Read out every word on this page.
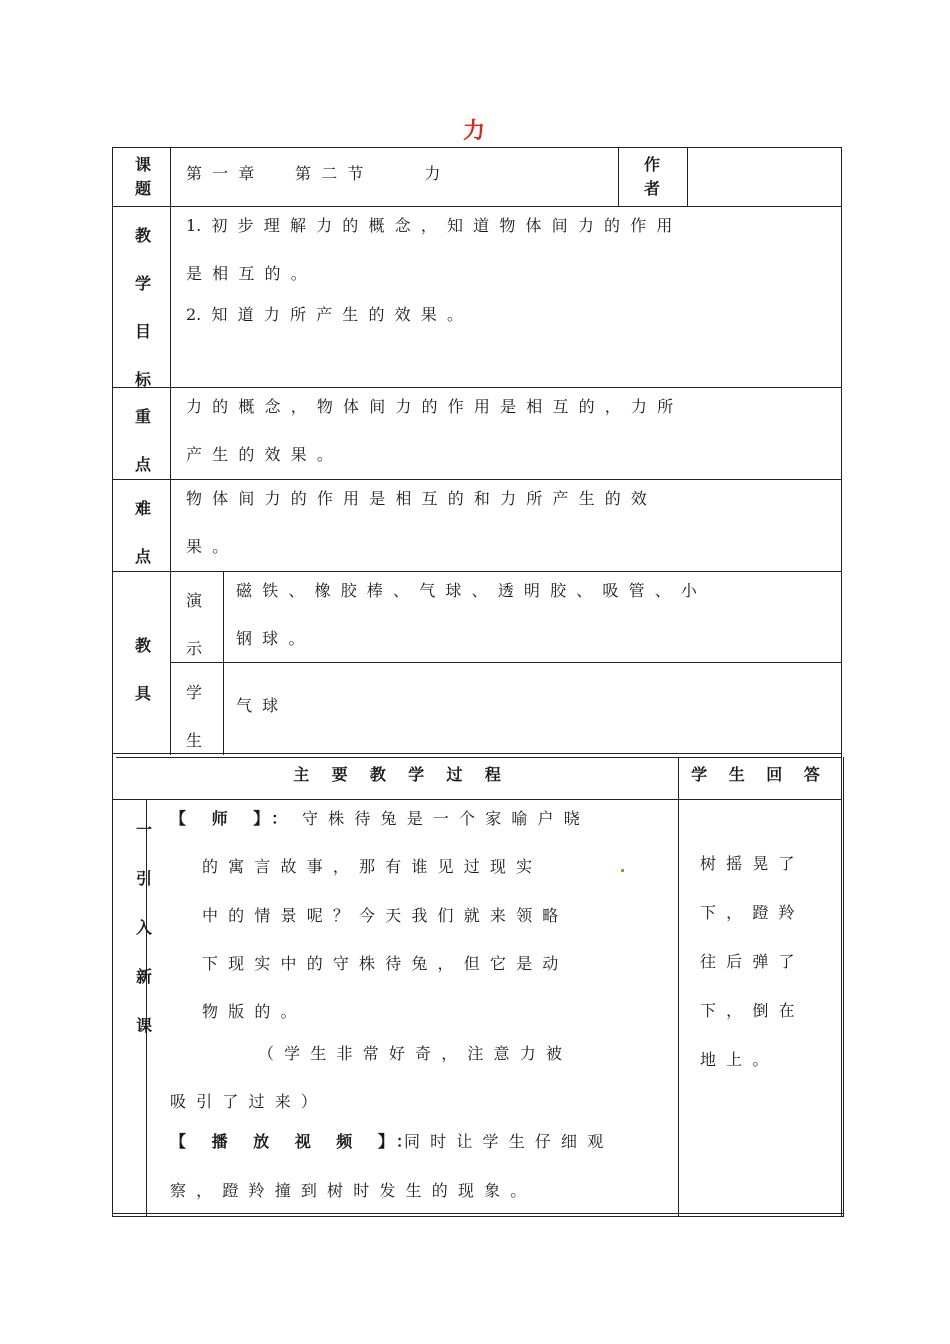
力
课
题
第  一  章        第  二  节            力	作
者
教
学
目
标
1.  初  步  理  解  力  的  概  念  ，  知  道  物  体  间  力  的  作  用
是  相  互  的  。
2.  知  道  力  所  产  生  的  效  果  。
重
点
力  的  概  念  ，  物  体  间  力  的  作  用  是  相  互  的  ，  力  所
产  生  的  效  果  。
难
点
物  体  间  力  的  作  用  是  相  互  的  和  力  所  产  生  的  效
果  。
教
具
演
示
磁  铁  、  橡  胶  棒  、  气  球  、  透  明  胶  、  吸  管  、  小
钢  球  。
学
生
气  球
主    要    教    学    过    程	学 生 回 答
一
引
入
新
课
【 师 】： 守  株  待  兔  是  一  个  家  喻  户  晓
的  寓  言  故  事  ，  那  有  谁  见  过  现  实
中  的  情  景  呢  ？  今  天  我  们  就  来  领  略
下  现  实  中  的  守  株  待  兔  ，  但  它  是  动
物  版  的  。
（  学  生  非  常  好  奇  ，  注  意  力  被
吸  引  了  过  来  ）
【 播 放 视 频 】：
同  时  让  学  生  仔  细  观
察  ，  蹬  羚  撞  到  树  时  发  生  的  现  象  。
树  摇  晃  了
下  ，  蹬  羚
往  后  弹  了
下  ，  倒  在
地  上  。
